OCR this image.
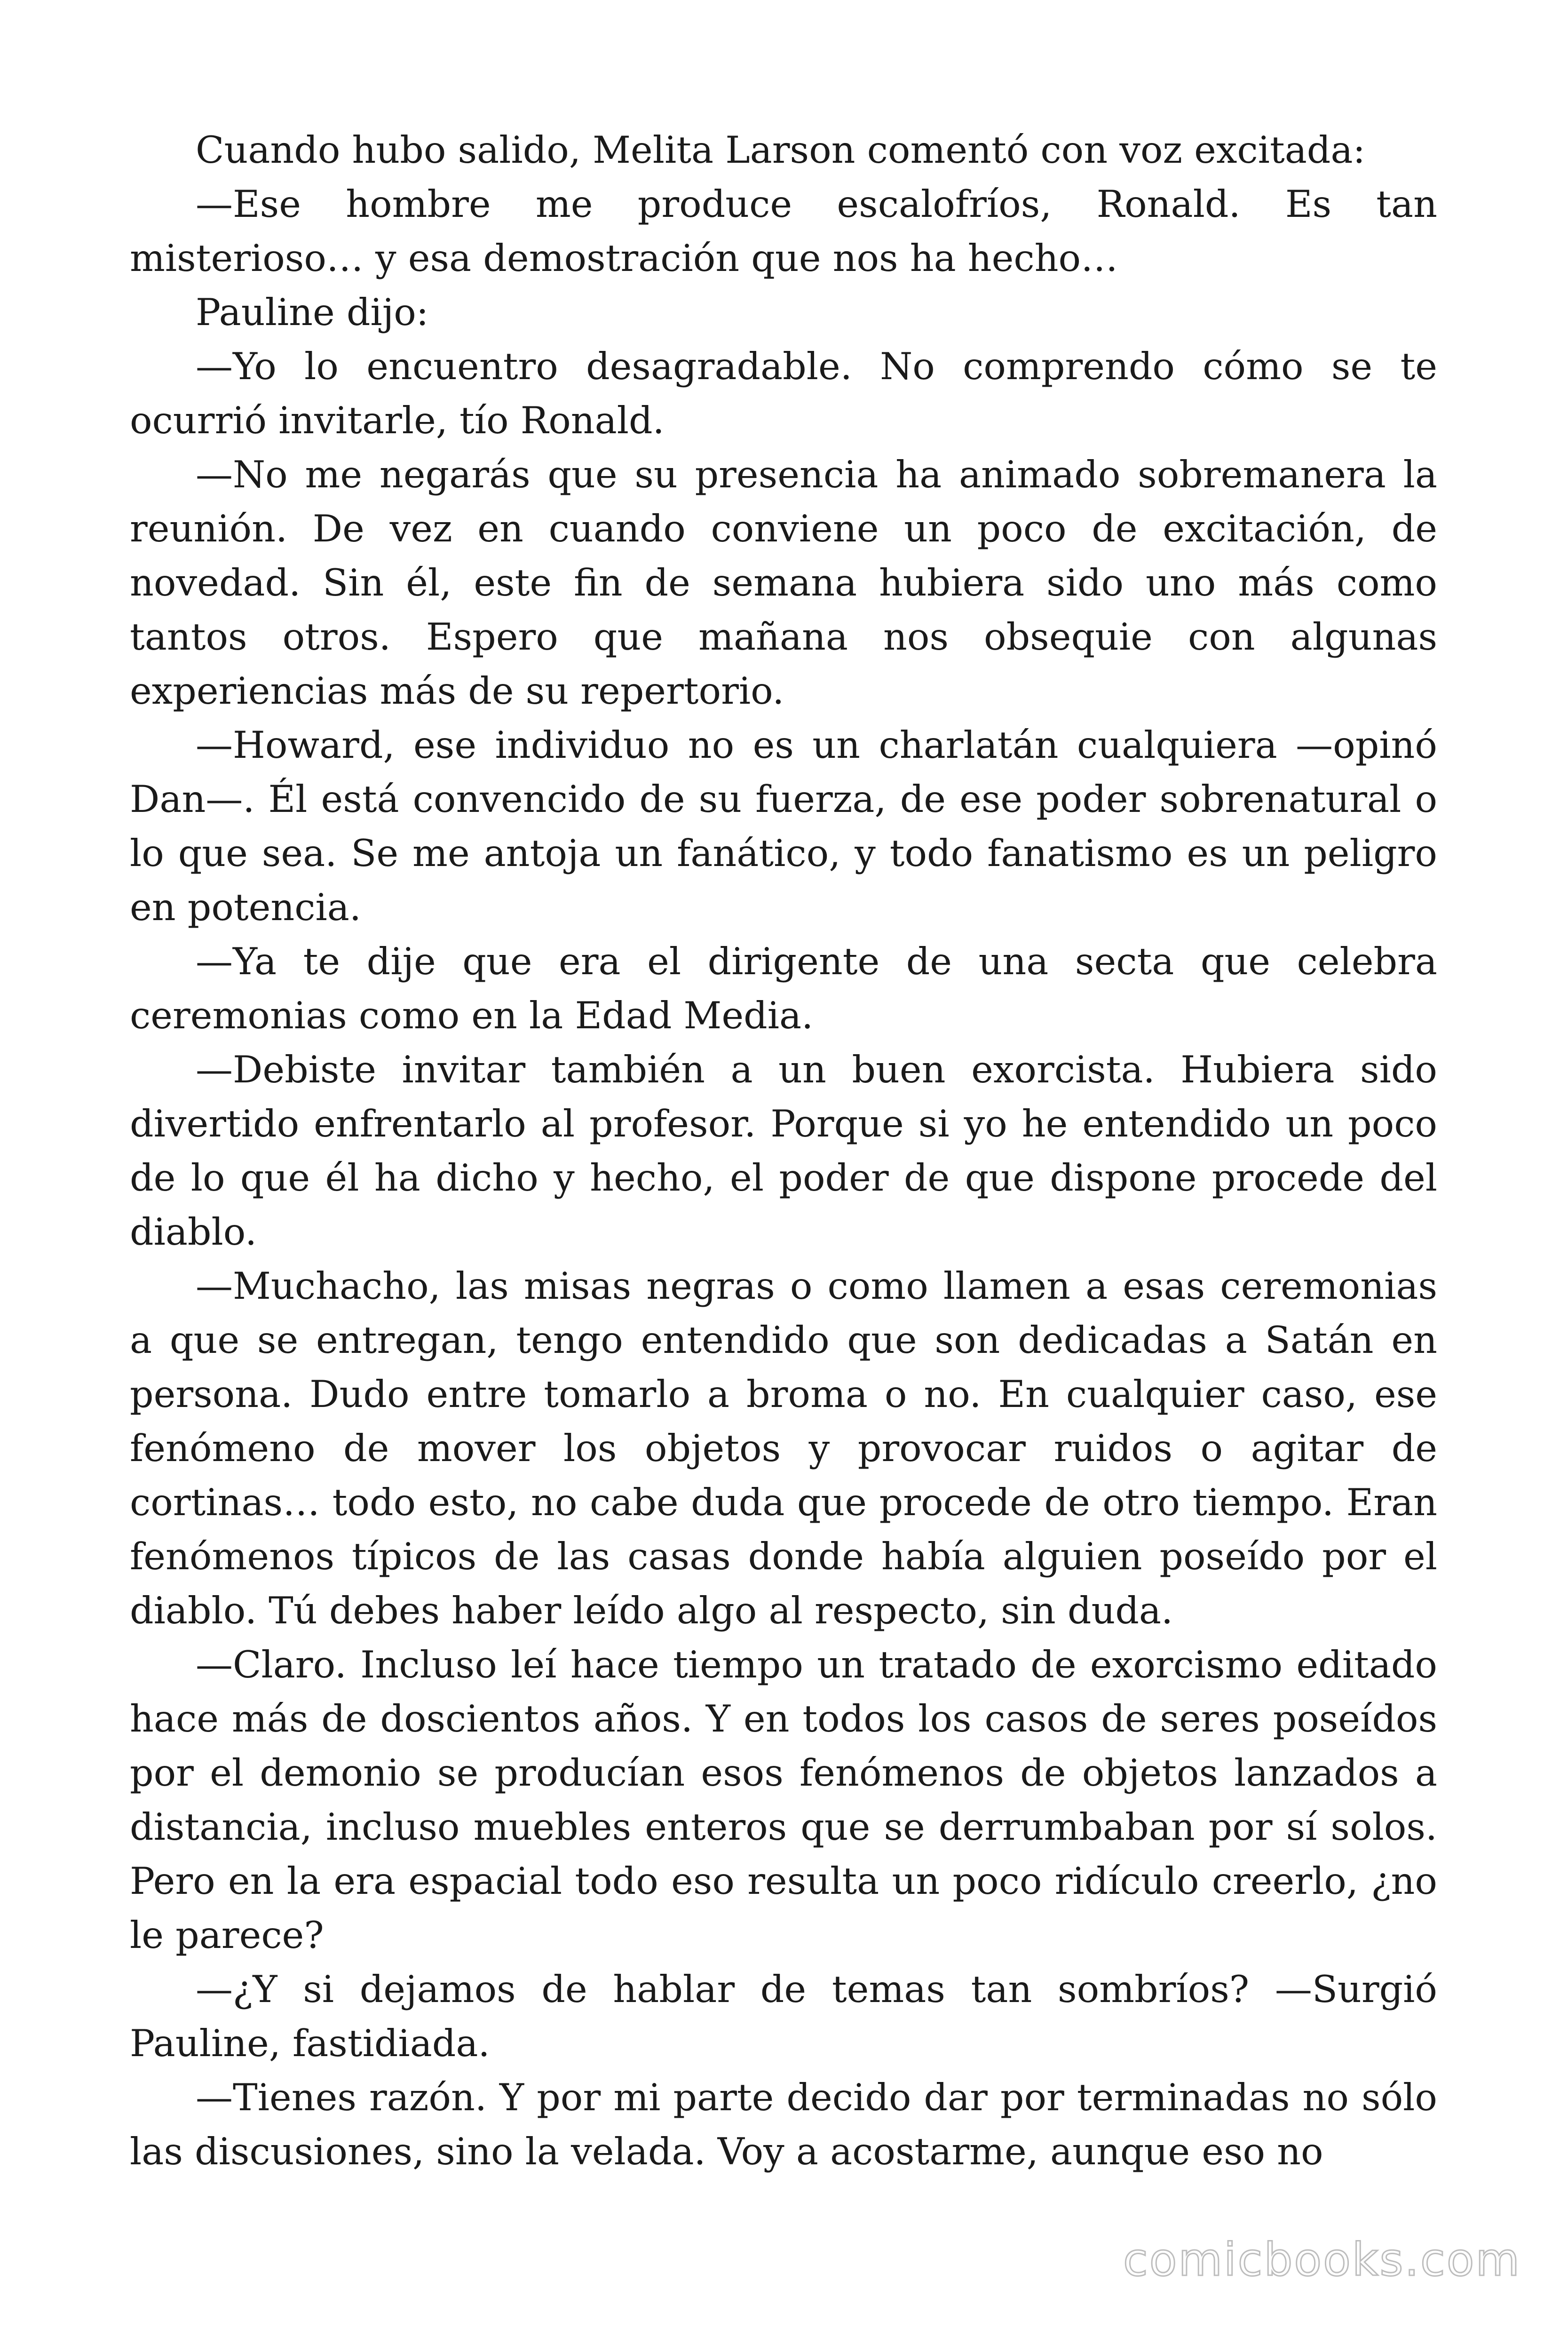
Cuando hubo salido, Melita Larson comentó con voz excitada:

—Ese hombre me produce escalofríos, Ronald. Es tan misterioso… y esa demostración que nos ha hecho…

Pauline dijo:

—Yo lo encuentro desagradable. No comprendo cómo se te ocurrió invitarle, tío Ronald.

—No me negarás que su presencia ha animado sobremanera la reunión. De vez en cuando conviene un poco de excitación, de novedad. Sin él, este fin de semana hubiera sido uno más como tantos otros. Espero que mañana nos obsequie con algunas experiencias más de su repertorio.

—Howard, ese individuo no es un charlatán cualquiera —opinó Dan—. Él está convencido de su fuerza, de ese poder sobrenatural o lo que sea. Se me antoja un fanático, y todo fanatismo es un peligro en potencia.

—Ya te dije que era el dirigente de una secta que celebra ceremonias como en la Edad Media.

—Debiste invitar también a un buen exorcista. Hubiera sido divertido enfrentarlo al profesor. Porque si yo he entendido un poco de lo que él ha dicho y hecho, el poder de que dispone procede del diablo.

—Muchacho, las misas negras o como llamen a esas ceremonias a que se entregan, tengo entendido que son dedicadas a Satán en persona. Dudo entre tomarlo a broma o no. En cualquier caso, ese fenómeno de mover los objetos y provocar ruidos o agitar de cortinas… todo esto, no cabe duda que procede de otro tiempo. Eran fenómenos típicos de las casas donde había alguien poseído por el diablo. Tú debes haber leído algo al respecto, sin duda.

—Claro. Incluso leí hace tiempo un tratado de exorcismo editado hace más de doscientos años. Y en todos los casos de seres poseídos por el demonio se producían esos fenómenos de objetos lanzados a distancia, incluso muebles enteros que se derrumbaban por sí solos. Pero en la era espacial todo eso resulta un poco ridículo creerlo, ¿no le parece?

—¿Y si dejamos de hablar de temas tan sombríos? —Surgió Pauline, fastidiada.

—Tienes razón. Y por mi parte decido dar por terminadas no sólo las discusiones, sino la velada. Voy a acostarme, aunque eso no

comicbooks.com
